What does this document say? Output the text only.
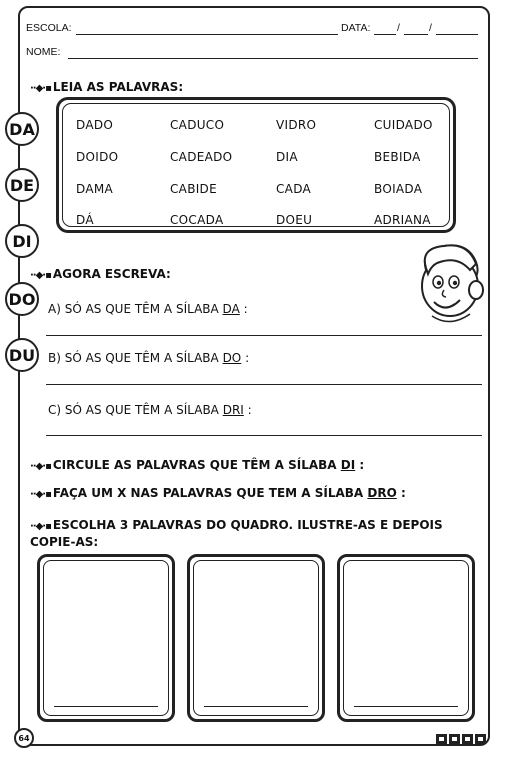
ESCOLA:	DATA:	/	/
NOME:
··◆·▪ LEIA AS PALAVRAS:
DADO	CADUCO	VIDRO	CUIDADO
DOIDO	CADEADO	DIA	BEBIDA
DAMA	CABIDE	CADA	BOIADA
DÁ	COCADA	DOEU	ADRIANA
DA
DE
DI
DO
DU
··◆·▪ AGORA ESCREVA:
A) SÓ AS QUE TÊM A SÍLABA DA :
B) SÓ AS QUE TÊM A SÍLABA DO :
C) SÓ AS QUE TÊM A SÍLABA DRI :
··◆·▪ CIRCULE AS PALAVRAS QUE TÊM A SÍLABA DI :
··◆·▪ FAÇA UM X NAS PALAVRAS QUE TEM A SÍLABA DRO :
··◆·▪ ESCOLHA 3 PALAVRAS DO QUADRO. ILUSTRE-AS E DEPOIS
COPIE-AS:
64
